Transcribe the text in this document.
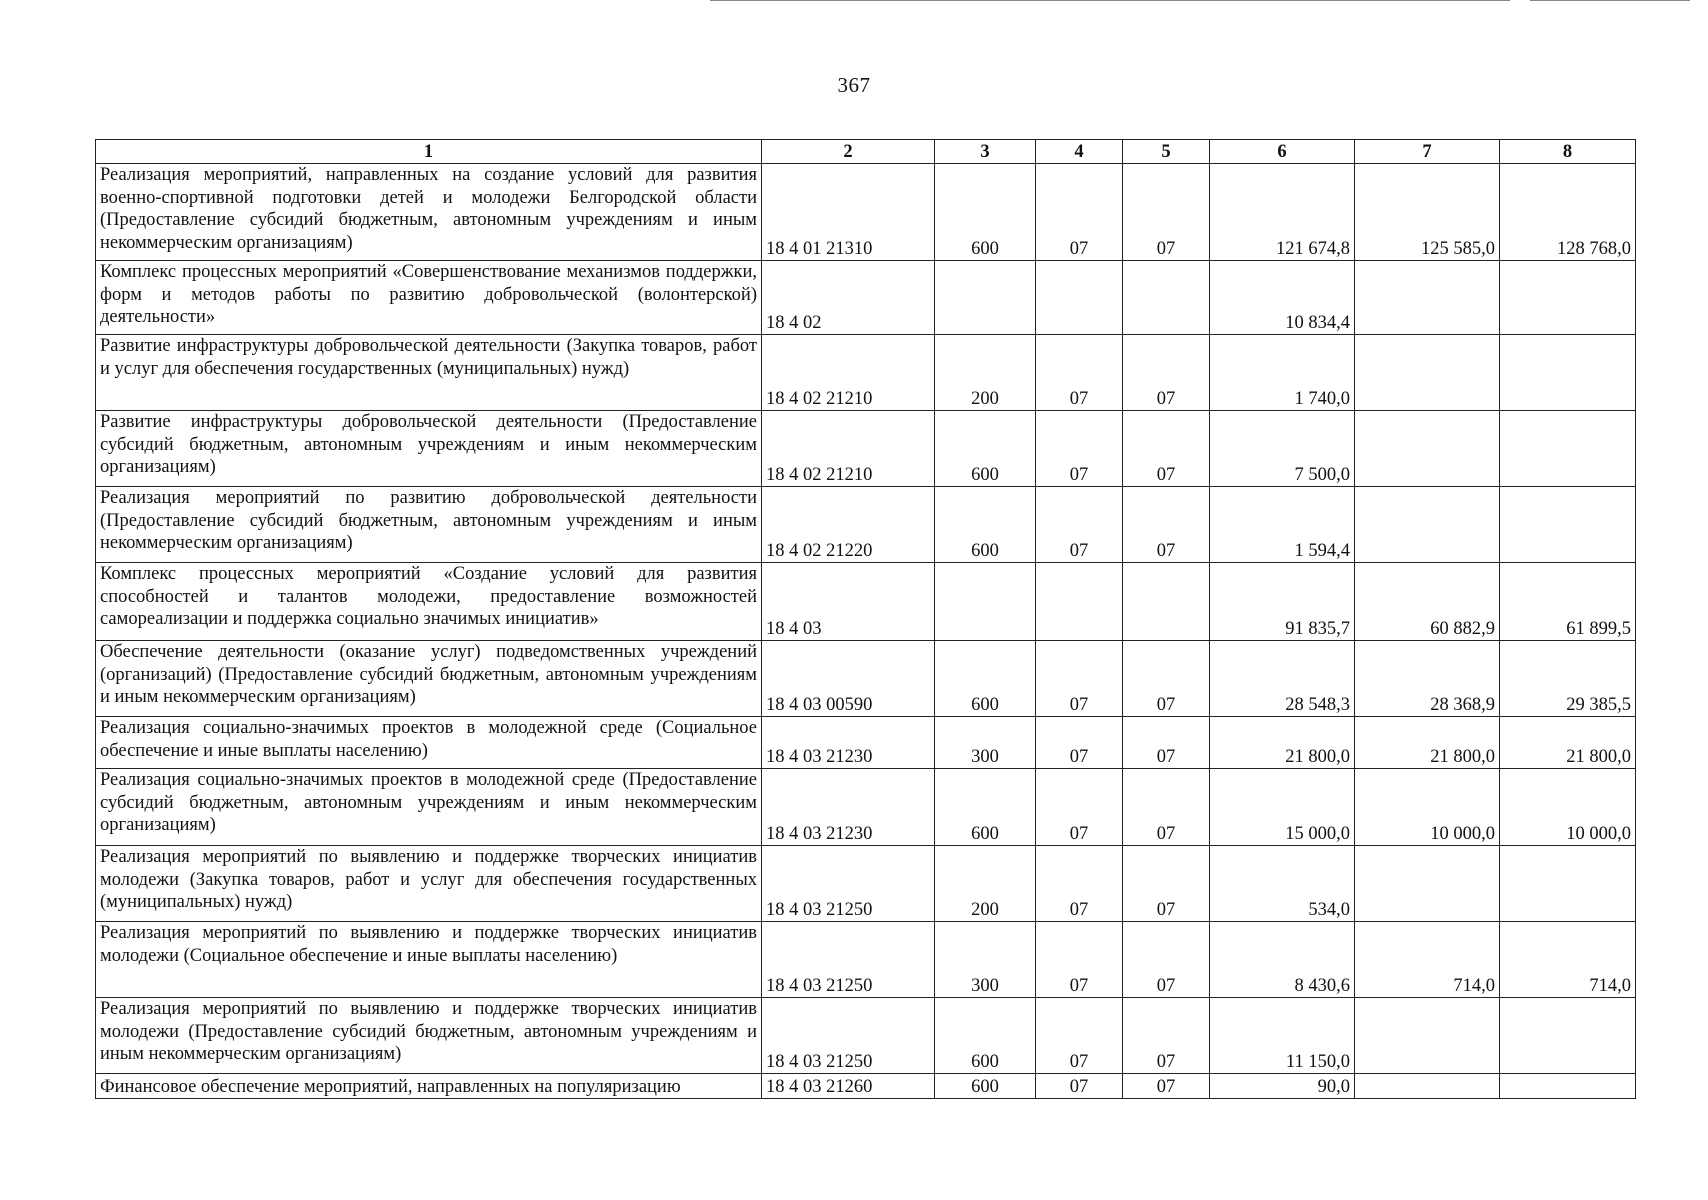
367
1	2	3	4	5	6	7	8
Реализация мероприятий, направленных на создание условий для развития военно-спортивной подготовки детей и молодежи Белгородской области (Предоставление субсидий бюджетным, автономным учреждениям и иным некоммерческим организациям)	18 4 01 21310	600	07	07	121 674,8	125 585,0	128 768,0
Комплекс процессных мероприятий «Совершенствование механизмов поддержки, форм и методов работы по развитию добровольческой (волонтерской) деятельности»	18 4 02				10 834,4		
Развитие инфраструктуры добровольческой деятельности (Закупка товаров, работ и услуг для обеспечения государственных (муниципальных) нужд)	18 4 02 21210	200	07	07	1 740,0		
Развитие инфраструктуры добровольческой деятельности (Предоставление субсидий бюджетным, автономным учреждениям и иным некоммерческим организациям)	18 4 02 21210	600	07	07	7 500,0		
Реализация мероприятий по развитию добровольческой деятельности (Предоставление субсидий бюджетным, автономным учреждениям и иным некоммерческим организациям)	18 4 02 21220	600	07	07	1 594,4		
Комплекс процессных мероприятий «Создание условий для развития способностей и талантов молодежи, предоставление возможностей самореализации и поддержка социально значимых инициатив»	18 4 03				91 835,7	60 882,9	61 899,5
Обеспечение деятельности (оказание услуг) подведомственных учреждений (организаций) (Предоставление субсидий бюджетным, автономным учреждениям и иным некоммерческим организациям)	18 4 03 00590	600	07	07	28 548,3	28 368,9	29 385,5
Реализация социально-значимых проектов в молодежной среде (Социальное обеспечение и иные выплаты населению)	18 4 03 21230	300	07	07	21 800,0	21 800,0	21 800,0
Реализация социально-значимых проектов в молодежной среде (Предоставление субсидий бюджетным, автономным учреждениям и иным некоммерческим организациям)	18 4 03 21230	600	07	07	15 000,0	10 000,0	10 000,0
Реализация мероприятий по выявлению и поддержке творческих инициатив молодежи (Закупка товаров, работ и услуг для обеспечения государственных (муниципальных) нужд)	18 4 03 21250	200	07	07	534,0		
Реализация мероприятий по выявлению и поддержке творческих инициатив молодежи (Социальное обеспечение и иные выплаты населению)	18 4 03 21250	300	07	07	8 430,6	714,0	714,0
Реализация мероприятий по выявлению и поддержке творческих инициатив молодежи (Предоставление субсидий бюджетным, автономным учреждениям и иным некоммерческим организациям)	18 4 03 21250	600	07	07	11 150,0		
Финансовое обеспечение мероприятий, направленных на популяризацию	18 4 03 21260	600	07	07	90,0		
